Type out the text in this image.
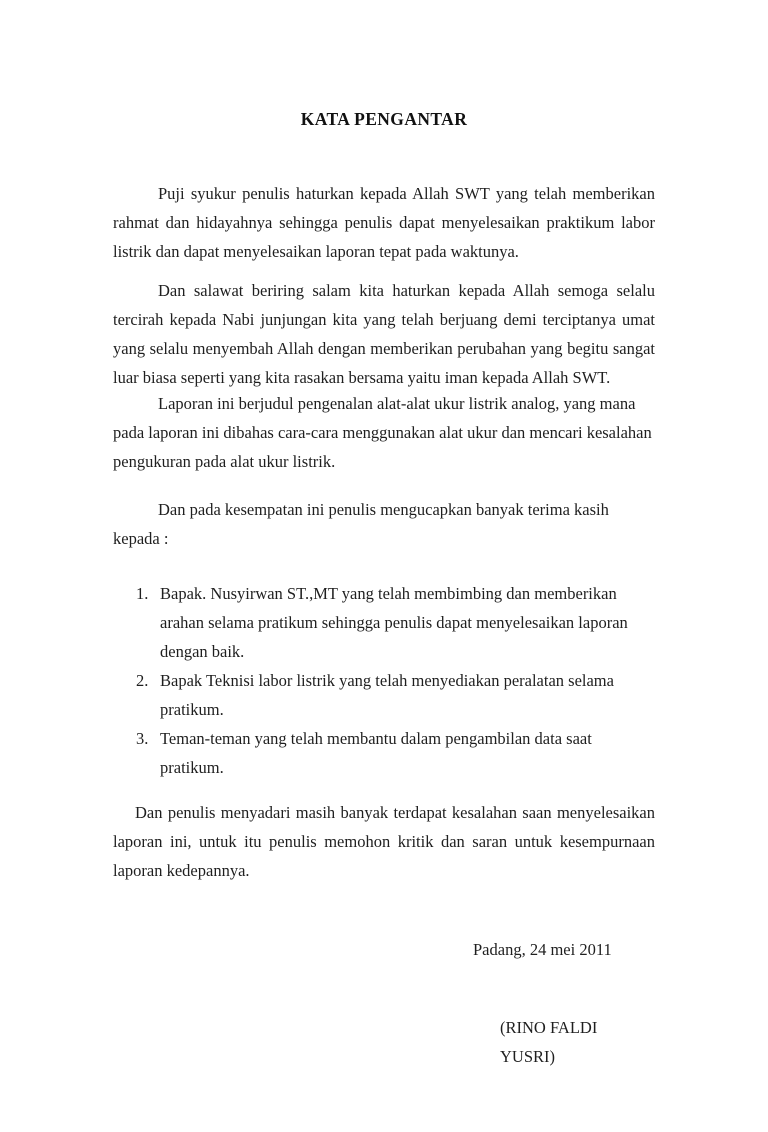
KATA PENGANTAR
Puji syukur penulis haturkan kepada Allah SWT yang telah memberikan rahmat dan hidayahnya sehingga penulis dapat menyelesaikan praktikum labor listrik dan dapat menyelesaikan laporan tepat pada waktunya.
Dan salawat beriring salam kita haturkan kepada Allah semoga selalu tercirah kepada Nabi junjungan kita yang telah berjuang demi terciptanya umat yang selalu menyembah Allah dengan memberikan perubahan yang begitu sangat luar biasa seperti yang kita rasakan bersama yaitu iman kepada Allah SWT.
Laporan ini berjudul pengenalan alat-alat ukur listrik analog, yang mana pada laporan ini dibahas cara-cara menggunakan alat ukur dan mencari kesalahan pengukuran pada alat ukur listrik.
Dan pada kesempatan ini penulis mengucapkan banyak terima kasih kepada :
1. Bapak. Nusyirwan ST.,MT yang telah membimbing dan memberikan arahan selama pratikum sehingga penulis dapat menyelesaikan laporan dengan baik.
2. Bapak Teknisi labor listrik yang telah menyediakan peralatan selama pratikum.
3. Teman-teman yang telah membantu dalam pengambilan data saat pratikum.
Dan penulis menyadari masih banyak terdapat kesalahan saan menyelesaikan laporan ini, untuk itu penulis memohon kritik dan saran untuk kesempurnaan laporan kedepannya.
Padang, 24 mei 2011
(RINO FALDI YUSRI)
